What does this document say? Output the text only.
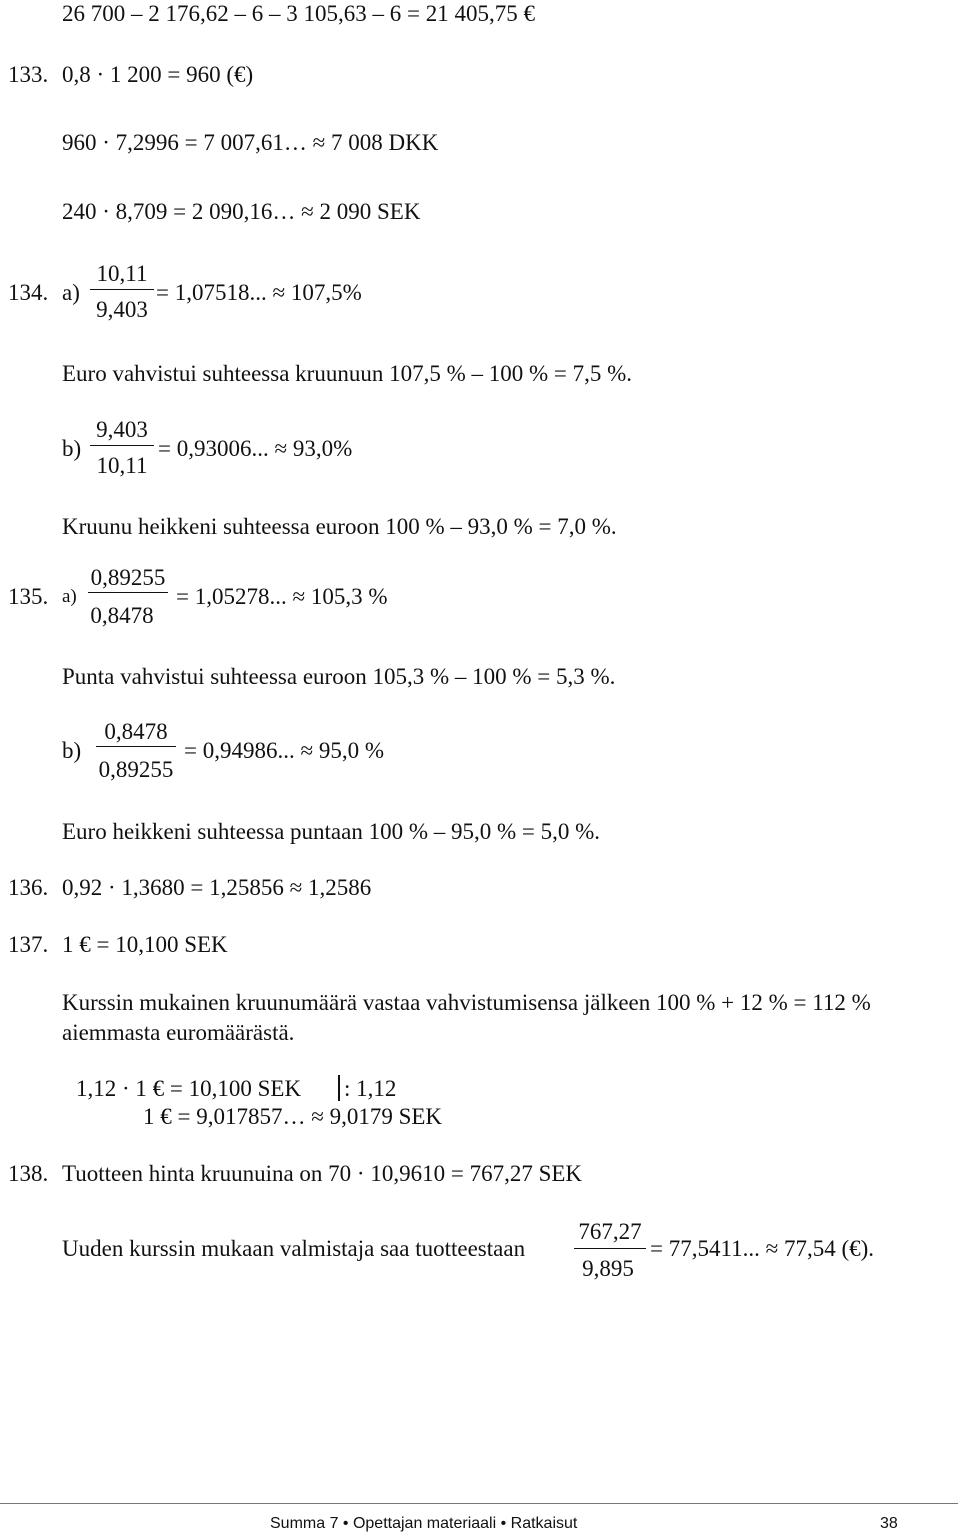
26 700 – 2 176,62 – 6 – 3 105,63 – 6 = 21 405,75 €
133. 0,8 · 1 200 = 960 (€)
960 · 7,2996 = 7 007,61… ≈ 7 008 DKK
240 · 8,709 = 2 090,16… ≈ 2 090 SEK
134. a)
10,11
9,403
= 1,07518... ≈ 107,5%
Euro vahvistui suhteessa kruunuun 107,5 % – 100 % = 7,5 %.
b)
9,403
10,11
= 0,93006... ≈ 93,0%
Kruunu heikkeni suhteessa euroon 100 % – 93,0 % = 7,0 %.
135. a)
0,89255
0,8478
= 1,05278... ≈ 105,3 %
Punta vahvistui suhteessa euroon 105,3 % – 100 % = 5,3 %.
b)
0,8478
0,89255
= 0,94986... ≈ 95,0 %
Euro heikkeni suhteessa puntaan 100 % – 95,0 % = 5,0 %.
136. 0,92 · 1,3680 = 1,25856 ≈ 1,2586
137. 1 € = 10,100 SEK
Kurssin mukainen kruunumäärä vastaa vahvistumisensa jälkeen 100 % + 12 % = 112 %
aiemmasta euromäärästä.
1,12 · 1 € = 10,100 SEK : 1,12
1 € = 9,017857… ≈ 9,0179 SEK
138. Tuotteen hinta kruunuina on 70 · 10,9610 = 767,27 SEK
Uuden kurssin mukaan valmistaja saa tuotteestaan
767,27
9,895
= 77,5411... ≈ 77,54 (€).
Summa 7 • Opettajan materiaali • Ratkaisut	38
